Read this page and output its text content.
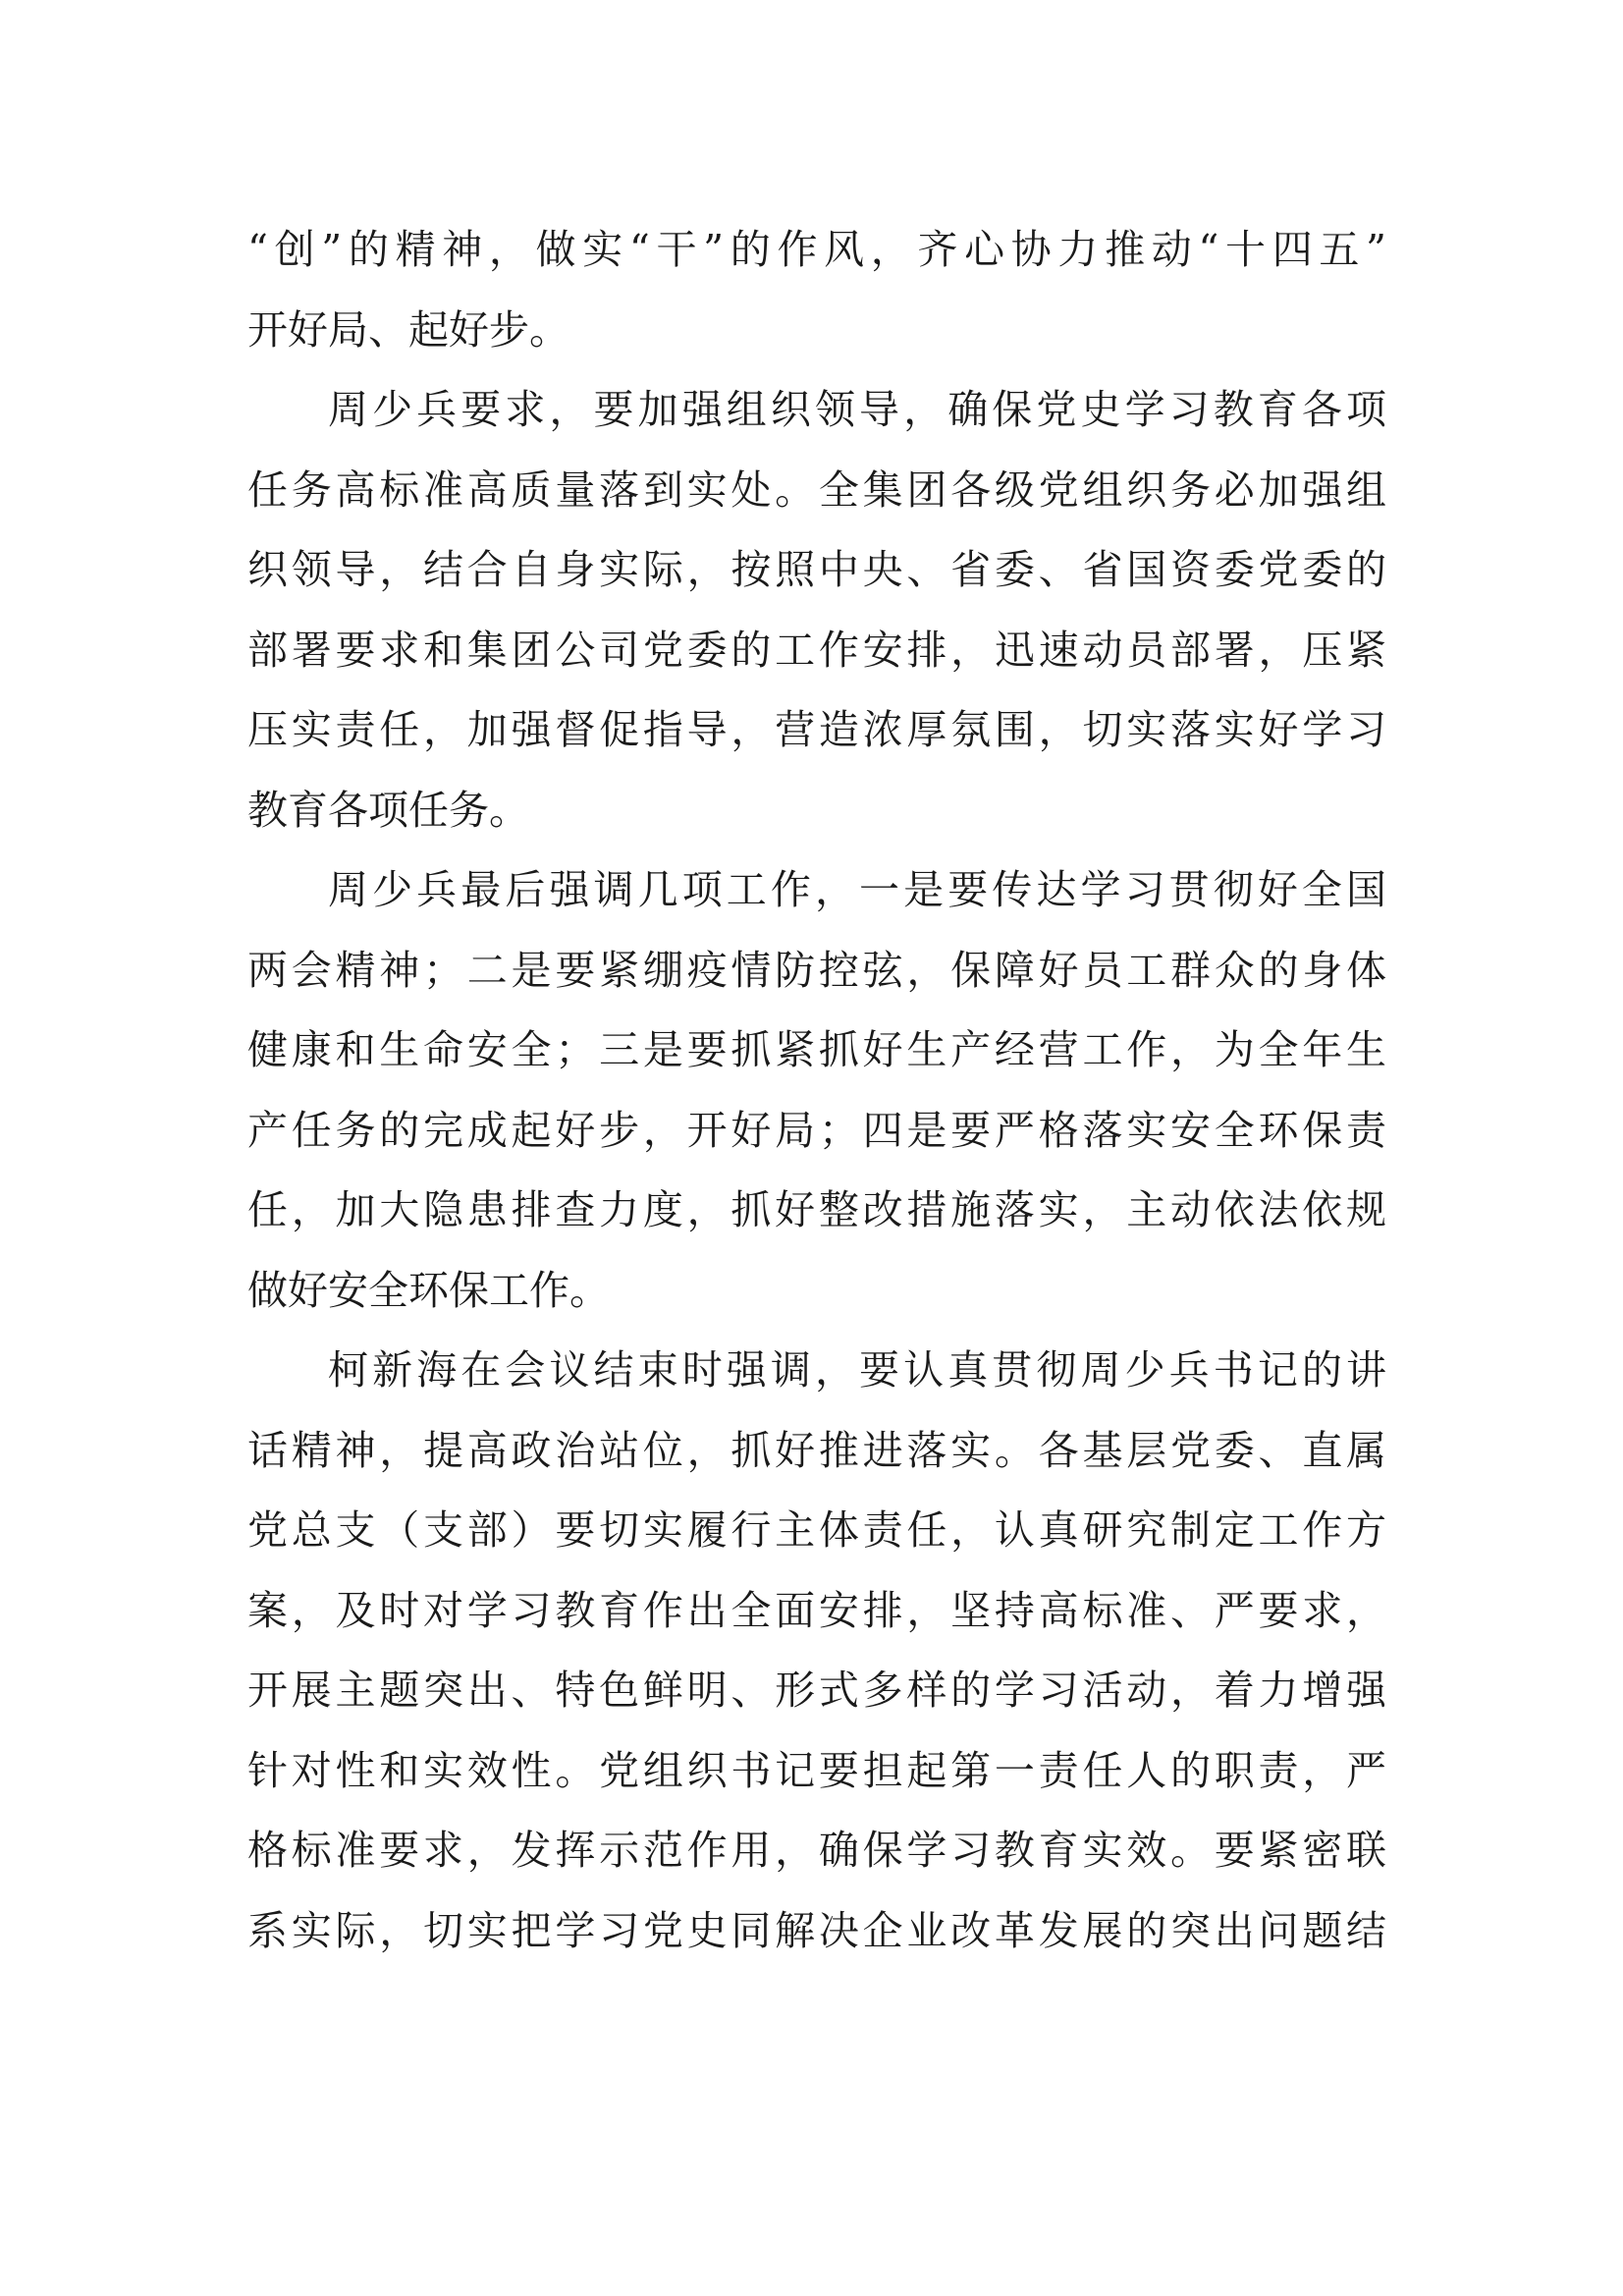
“创”的精神，做实“干”的作风，齐心协力推动“十四五”
开好局、起好步。
周少兵要求，要加强组织领导，确保党史学习教育各项
任务高标准高质量落到实处。全集团各级党组织务必加强组
织领导，结合自身实际，按照中央、省委、省国资委党委的
部署要求和集团公司党委的工作安排，迅速动员部署，压紧
压实责任，加强督促指导，营造浓厚氛围，切实落实好学习
教育各项任务。
周少兵最后强调几项工作，一是要传达学习贯彻好全国
两会精神；二是要紧绷疫情防控弦，保障好员工群众的身体
健康和生命安全；三是要抓紧抓好生产经营工作，为全年生
产任务的完成起好步，开好局；四是要严格落实安全环保责
任，加大隐患排查力度，抓好整改措施落实，主动依法依规
做好安全环保工作。
柯新海在会议结束时强调，要认真贯彻周少兵书记的讲
话精神，提高政治站位，抓好推进落实。各基层党委、直属
党总支（支部）要切实履行主体责任，认真研究制定工作方
案，及时对学习教育作出全面安排，坚持高标准、严要求，
开展主题突出、特色鲜明、形式多样的学习活动，着力增强
针对性和实效性。党组织书记要担起第一责任人的职责，严
格标准要求，发挥示范作用，确保学习教育实效。要紧密联
系实际，切实把学习党史同解决企业改革发展的突出问题结
